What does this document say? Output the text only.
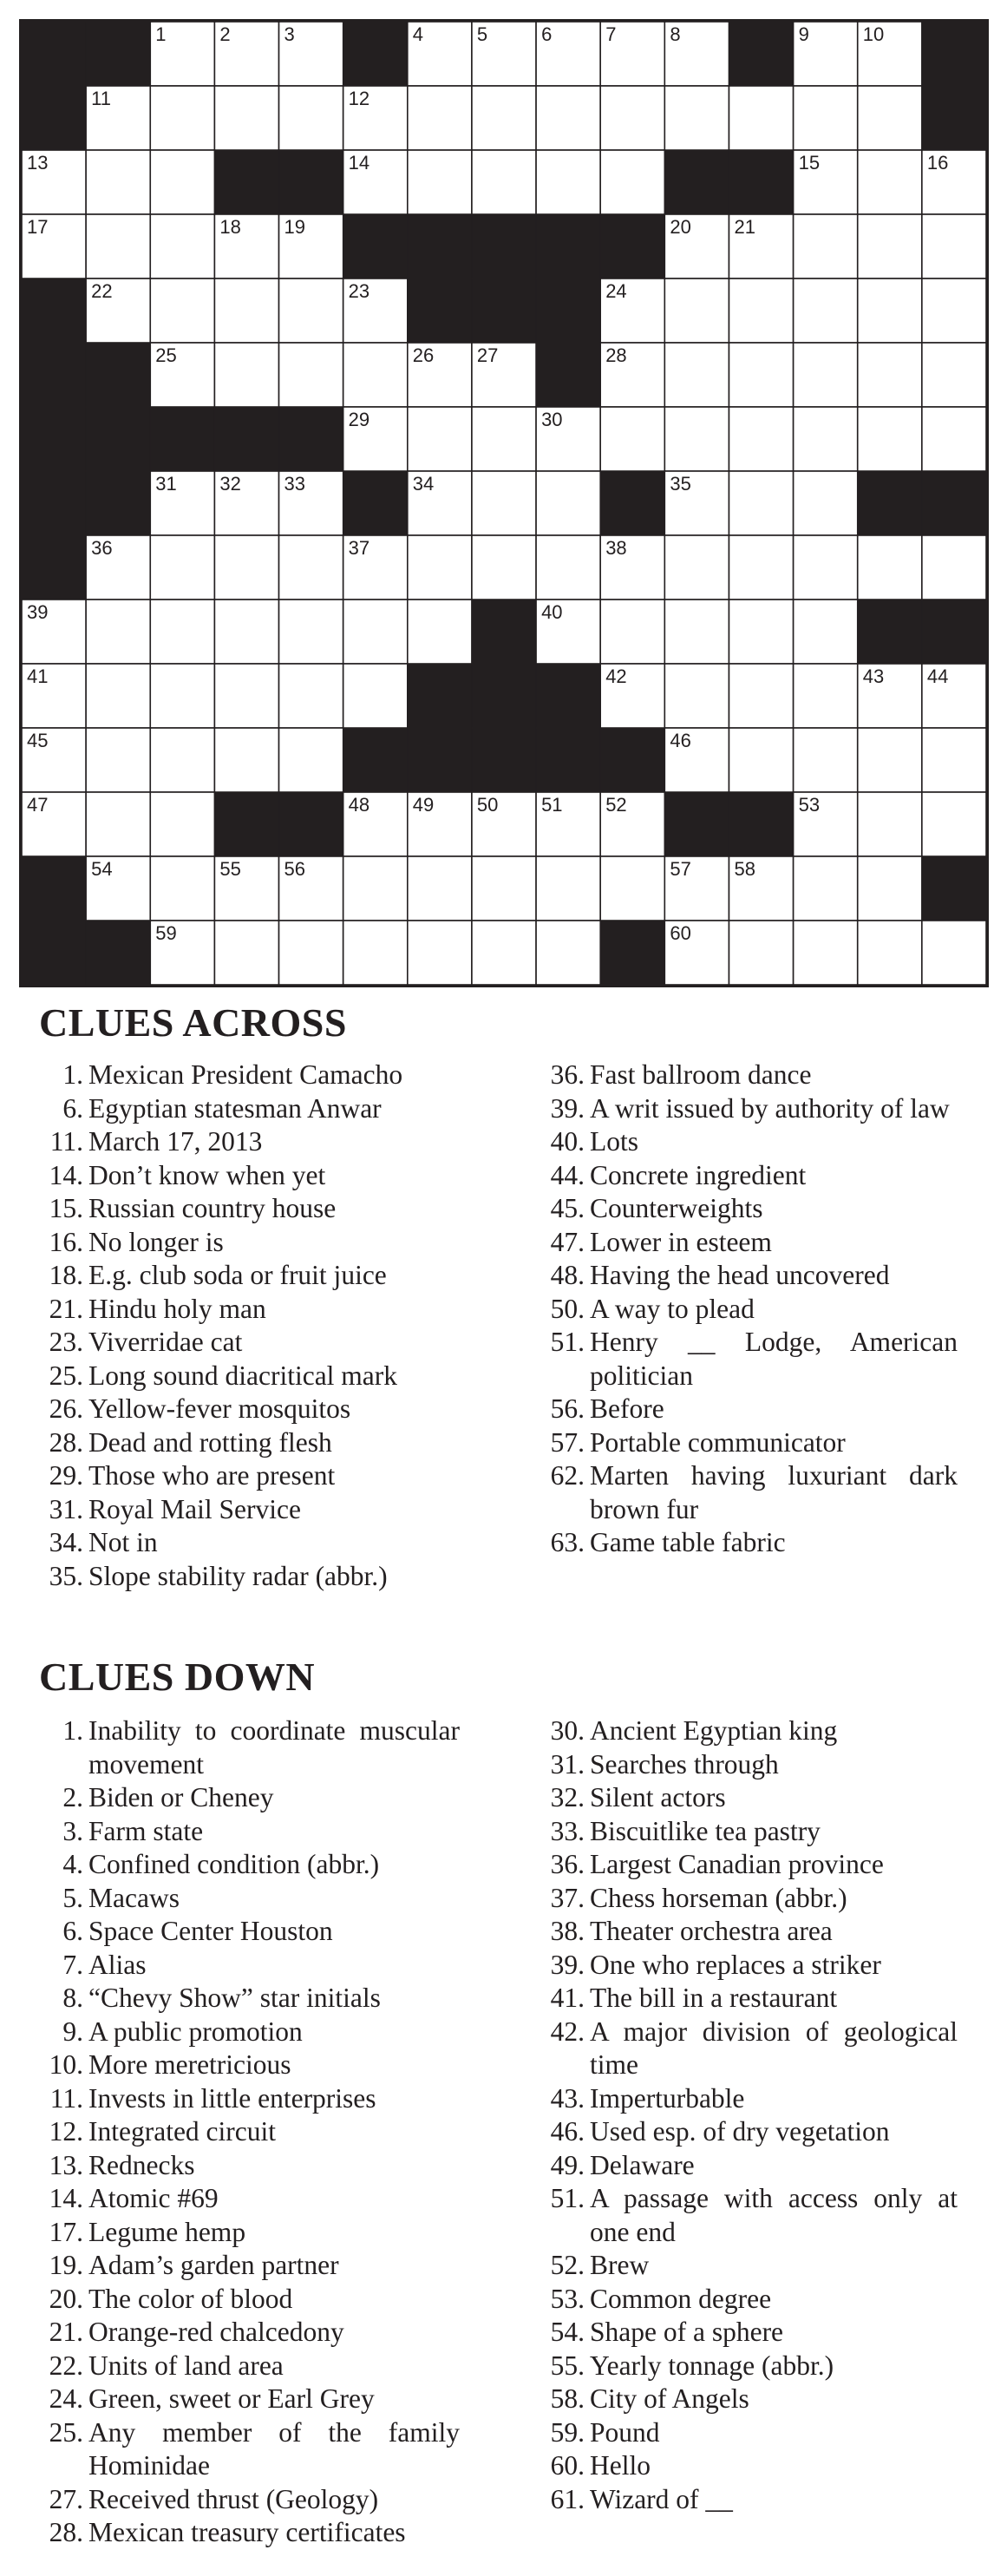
1	2	3	4	5	6	7	8	9	10
11	12
13	14	15	16
17	18 19	20 21
22	23	24
25	26 27	28
29	30
31 32 33	34	35
36	37	38
39	40
41	42	43 44
45	46
47	48 49 50 51 52	53
54	55 56	57 58
59	60
CLUES ACROSS
1. Mexican President Camacho
6. Egyptian statesman Anwar
11. March 17, 2013
14. Don’t know when yet
15. Russian country house
16. No longer is
18. E.g. club soda or fruit juice
21. Hindu holy man
23. Viverridae cat
25. Long sound diacritical mark
26. Yellow-fever mosquitos
28. Dead and rotting flesh
29. Those who are present
31. Royal Mail Service
34. Not in
35. Slope stability radar (abbr.)
36. Fast ballroom dance
39. A writ issued by authority of law
40. Lots
44. Concrete ingredient
45. Counterweights
47. Lower in esteem
48. Having the head uncovered
50. A way to plead
51. Henry __ Lodge, American politician
56. Before
57. Portable communicator
62. Marten having luxuriant dark brown fur
63. Game table fabric
CLUES DOWN
1. Inability to coordinate muscular movement
2. Biden or Cheney
3. Farm state
4. Confined condition (abbr.)
5. Macaws
6. Space Center Houston
7. Alias
8. “Chevy Show” star initials
9. A public promotion
10. More meretricious
11. Invests in little enterprises
12. Integrated circuit
13. Rednecks
14. Atomic #69
17. Legume hemp
19. Adam’s garden partner
20. The color of blood
21. Orange-red chalcedony
22. Units of land area
24. Green, sweet or Earl Grey
25. Any member of the family Hominidae
27. Received thrust (Geology)
28. Mexican treasury certificates
30. Ancient Egyptian king
31. Searches through
32. Silent actors
33. Biscuitlike tea pastry
36. Largest Canadian province
37. Chess horseman (abbr.)
38. Theater orchestra area
39. One who replaces a striker
41. The bill in a restaurant
42. A major division of geological time
43. Imperturbable
46. Used esp. of dry vegetation
49. Delaware
51. A passage with access only at one end
52. Brew
53. Common degree
54. Shape of a sphere
55. Yearly tonnage (abbr.)
58. City of Angels
59. Pound
60. Hello
61. Wizard of __
